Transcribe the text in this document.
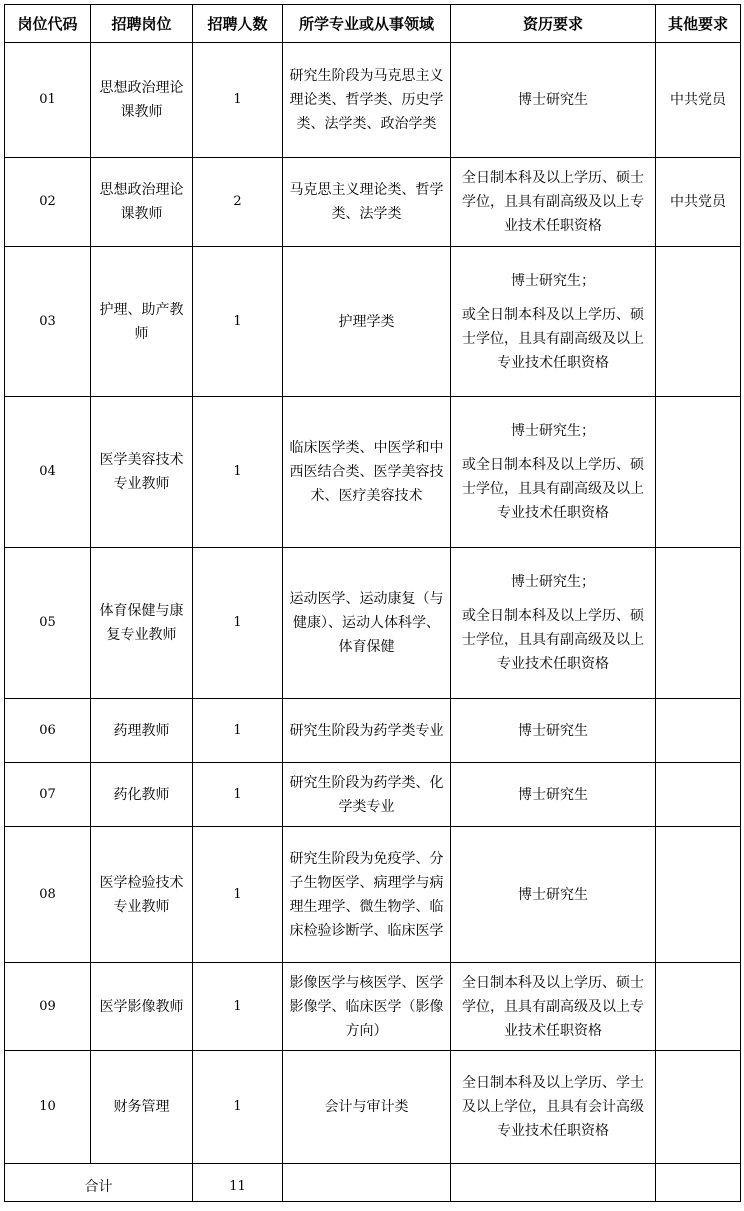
岗位代码	招聘岗位	招聘人数	所学专业或从事领域	资历要求	其他要求
01	思想政治理论课教师	1	研究生阶段为马克思主义理论类、哲学类、历史学类、法学类、政治学类	博士研究生	中共党员
02	思想政治理论课教师	2	马克思主义理论类、哲学类、法学类	全日制本科及以上学历、硕士学位，且具有副高级及以上专业技术任职资格	中共党员
03	护理、助产教师	1	护理学类	博士研究生；
或全日制本科及以上学历、硕士学位，且具有副高级及以上专业技术任职资格	

04	医学美容技术专业教师	1	临床医学类、中医学和中西医结合类、医学美容技术、医疗美容技术	博士研究生；
或全日制本科及以上学历、硕士学位，且具有副高级及以上专业技术任职资格	

05	体育保健与康复专业教师	1	运动医学、运动康复（与健康）、运动人体科学、体育保健	博士研究生；
或全日制本科及以上学历、硕士学位，且具有副高级及以上专业技术任职资格	

06	药理教师	1	研究生阶段为药学类专业	博士研究生	
07	药化教师	1	研究生阶段为药学类、化学类专业	博士研究生	
08	医学检验技术专业教师	1	研究生阶段为免疫学、分子生物医学、病理学与病理生理学、微生物学、临床检验诊断学、临床医学	博士研究生	
09	医学影像教师	1	影像医学与核医学、医学影像学、临床医学（影像方向）	全日制本科及以上学历、硕士学位，且具有副高级及以上专业技术任职资格	
10	财务管理	1	会计与审计类	全日制本科及以上学历、学士及以上学位，且具有会计高级专业技术任职资格	
合计		11			
